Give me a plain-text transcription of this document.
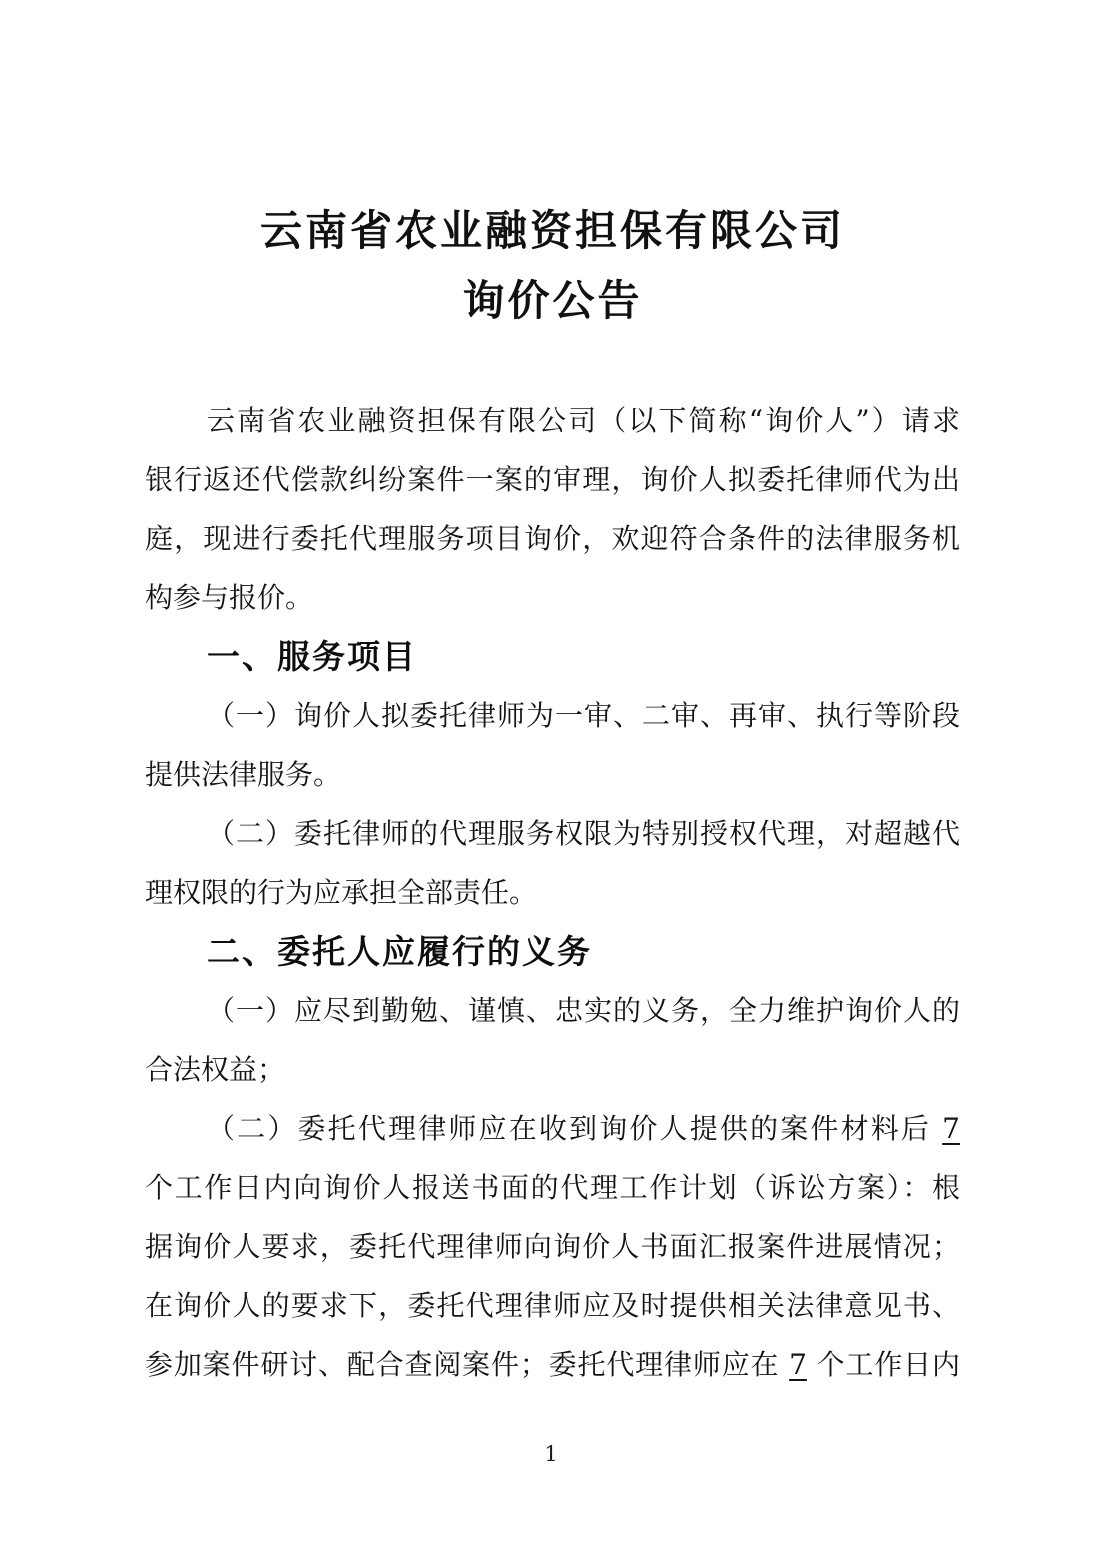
云南省农业融资担保有限公司
询价公告
云南省农业融资担保有限公司（以下简称“询价人”）请求
银行返还代偿款纠纷案件一案的审理，询价人拟委托律师代为出
庭，现进行委托代理服务项目询价，欢迎符合条件的法律服务机
构参与报价。
一、服务项目
（一）询价人拟委托律师为一审、二审、再审、执行等阶段
提供法律服务。
（二）委托律师的代理服务权限为特别授权代理，对超越代
理权限的行为应承担全部责任。
二、委托人应履行的义务
（一）应尽到勤勉、谨慎、忠实的义务，全力维护询价人的
合法权益；
（二）委托代理律师应在收到询价人提供的案件材料后 7
个工作日内向询价人报送书面的代理工作计划（诉讼方案）：根
据询价人要求，委托代理律师向询价人书面汇报案件进展情况；
在询价人的要求下，委托代理律师应及时提供相关法律意见书、
参加案件研讨、配合查阅案件；委托代理律师应在 7 个工作日内
1
